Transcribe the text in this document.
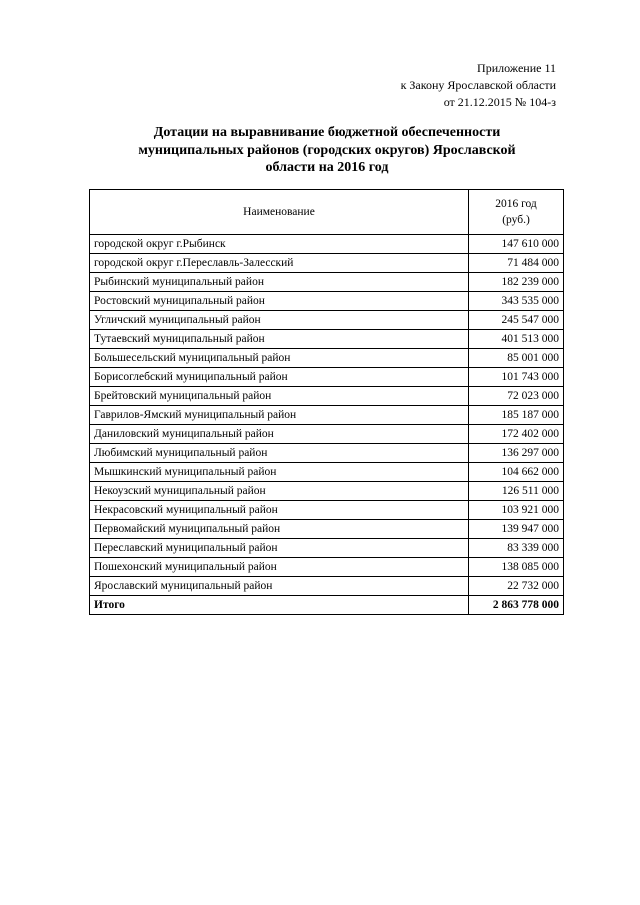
Приложение 11
к Закону Ярославской области
от 21.12.2015 № 104-з
Дотации на выравнивание бюджетной обеспеченности
муниципальных районов (городских округов) Ярославской
области на 2016 год
Наименование	2016 год
(руб.)

городской округ г.Рыбинск	147 610 000
городской округ г.Переславль-Залесский	71 484 000
Рыбинский муниципальный район	182 239 000
Ростовский муниципальный район	343 535 000
Угличский муниципальный район	245 547 000
Тутаевский муниципальный район	401 513 000
Большесельский муниципальный район	85 001 000
Борисоглебский муниципальный район	101 743 000
Брейтовский муниципальный район	72 023 000
Гаврилов-Ямский муниципальный район	185 187 000
Даниловский муниципальный район	172 402 000
Любимский муниципальный район	136 297 000
Мышкинский муниципальный район	104 662 000
Некоузский муниципальный район	126 511 000
Некрасовский муниципальный район	103 921 000
Первомайский муниципальный район	139 947 000
Переславский муниципальный район	83 339 000
Пошехонский муниципальный район	138 085 000
Ярославский муниципальный район	22 732 000
Итого	2 863 778 000
